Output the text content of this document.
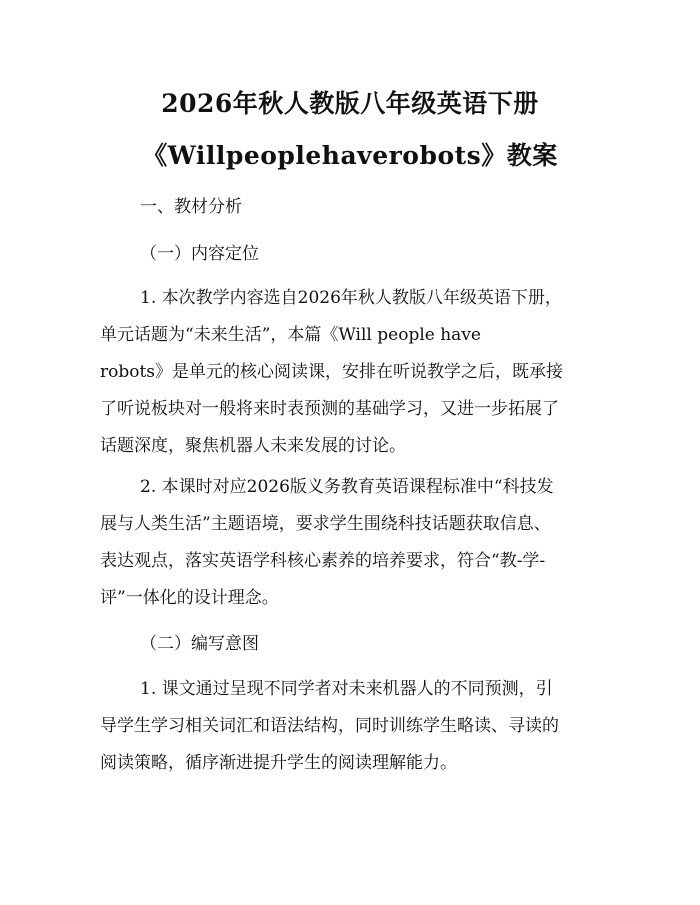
2026年秋人教版八年级英语下册
《Willpeoplehaverobots》教案
一、教材分析
（一）内容定位
1. 本次教学内容选自2026年秋人教版八年级英语下册，
单元话题为“未来生活”，本篇《Will people have
robots》是单元的核心阅读课，安排在听说教学之后，既承接
了听说板块对一般将来时表预测的基础学习，又进一步拓展了
话题深度，聚焦机器人未来发展的讨论。
2. 本课时对应2026版义务教育英语课程标准中“科技发
展与人类生活”主题语境，要求学生围绕科技话题获取信息、
表达观点，落实英语学科核心素养的培养要求，符合“教-学-
评”一体化的设计理念。
（二）编写意图
1. 课文通过呈现不同学者对未来机器人的不同预测，引
导学生学习相关词汇和语法结构，同时训练学生略读、寻读的
阅读策略，循序渐进提升学生的阅读理解能力。
